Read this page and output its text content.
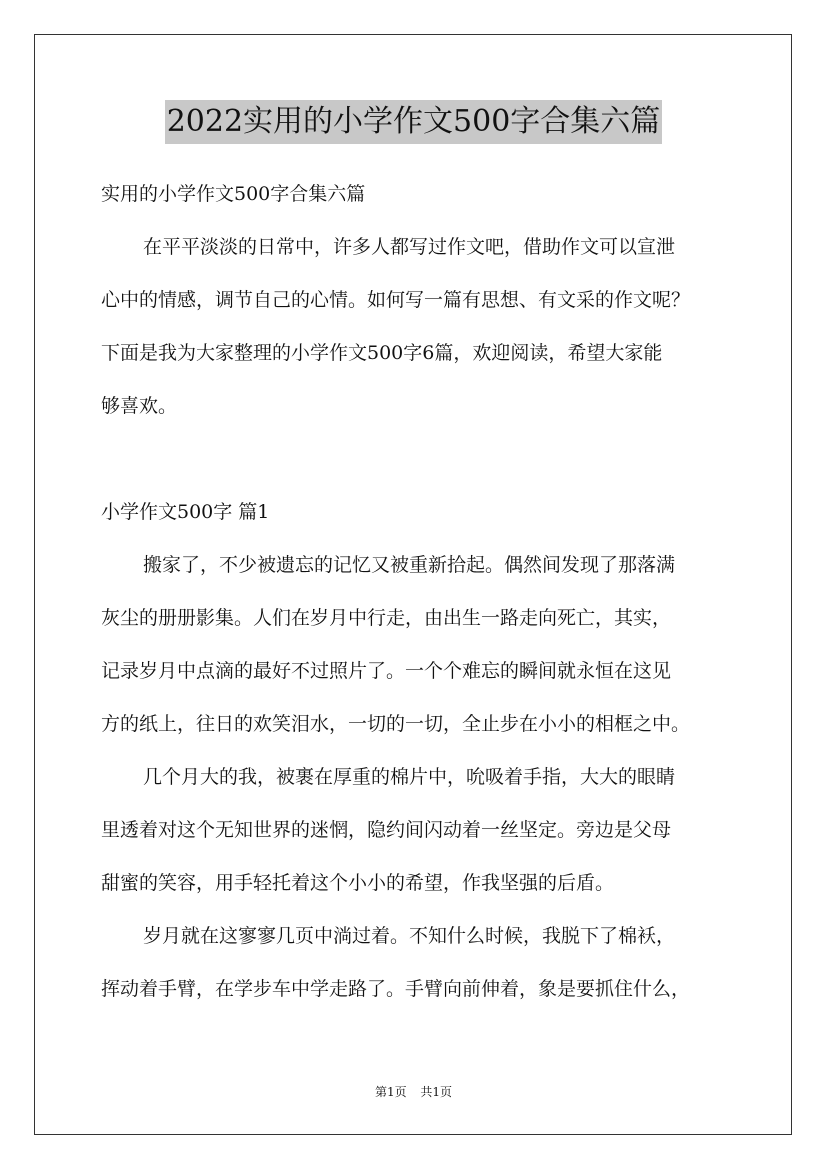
2022实用的小学作文500字合集六篇
实用的小学作文500字合集六篇
在平平淡淡的日常中，许多人都写过作文吧，借助作文可以宣泄
心中的情感，调节自己的心情。如何写一篇有思想、有文采的作文呢？
下面是我为大家整理的小学作文500字6篇，欢迎阅读，希望大家能
够喜欢。
小学作文500字 篇1
搬家了，不少被遗忘的记忆又被重新拾起。偶然间发现了那落满
灰尘的册册影集。人们在岁月中行走，由出生一路走向死亡，其实，
记录岁月中点滴的最好不过照片了。一个个难忘的瞬间就永恒在这见
方的纸上，往日的欢笑泪水，一切的一切，全止步在小小的相框之中。
几个月大的我，被裹在厚重的棉片中，吮吸着手指，大大的眼睛
里透着对这个无知世界的迷惘，隐约间闪动着一丝坚定。旁边是父母
甜蜜的笑容，用手轻托着这个小小的希望，作我坚强的后盾。
岁月就在这寥寥几页中淌过着。不知什么时候，我脱下了棉袄，
挥动着手臂，在学步车中学走路了。手臂向前伸着，象是要抓住什么，
第1页 共1页
